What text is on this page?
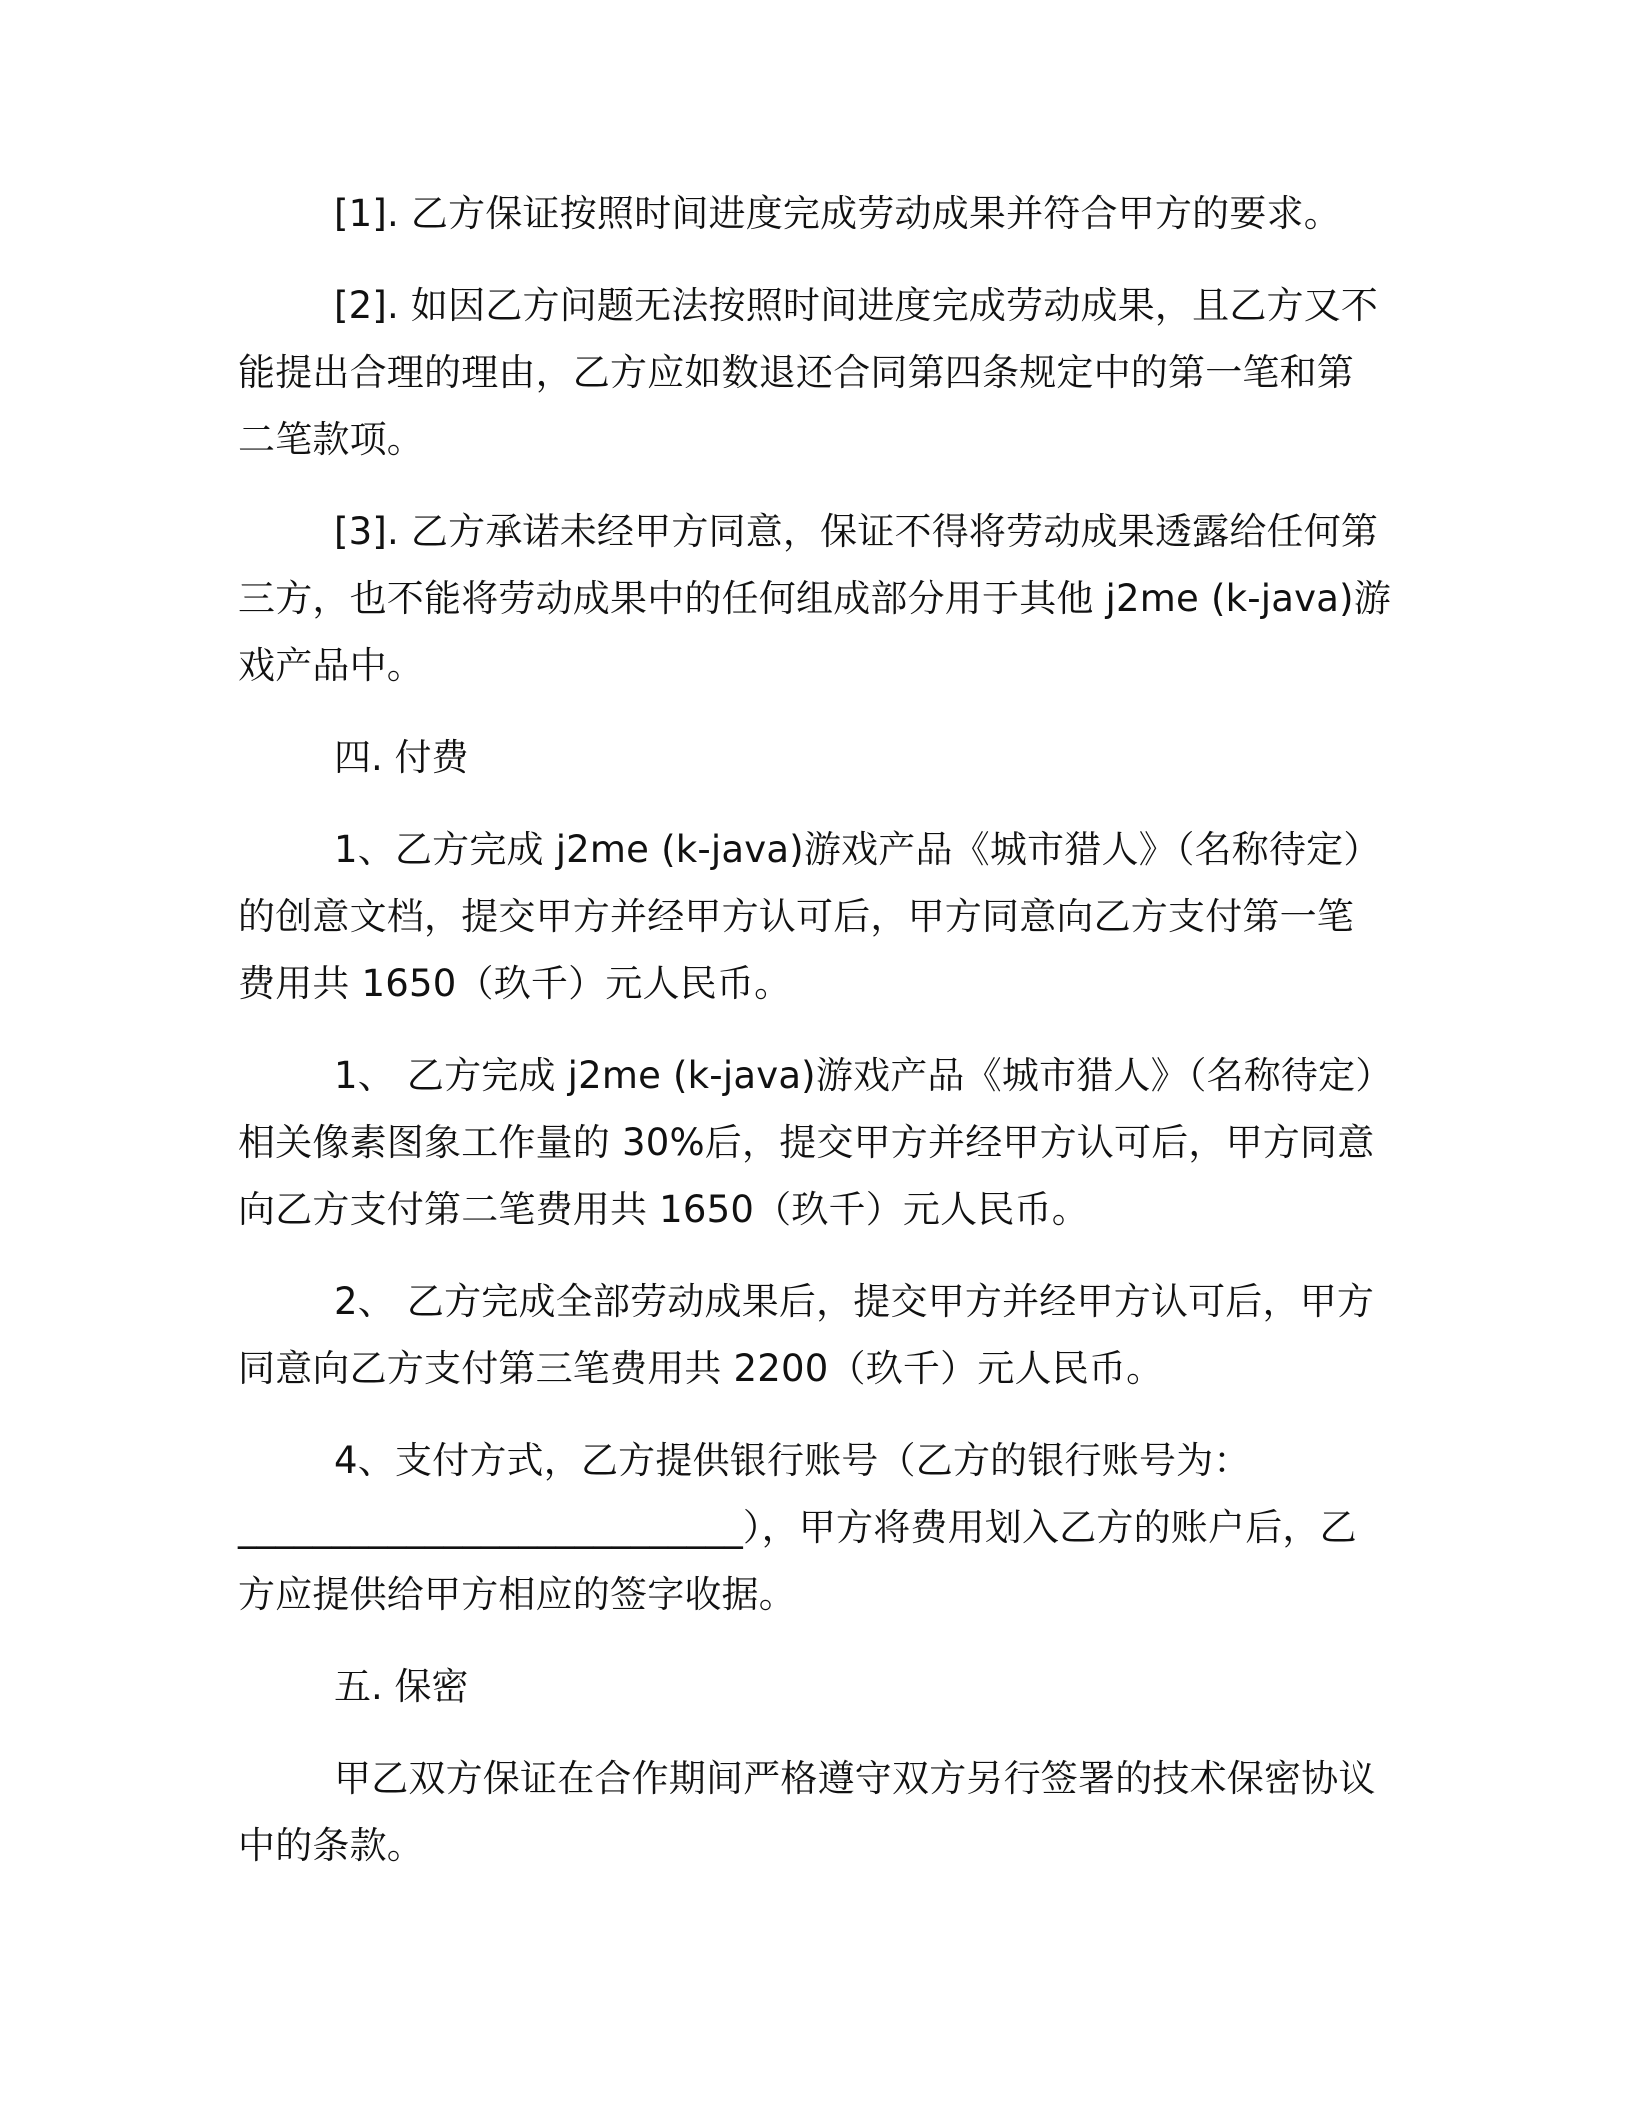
[1]. 乙方保证按照时间进度完成劳动成果并符合甲方的要求。

[2]. 如因乙方问题无法按照时间进度完成劳动成果，且乙方又不
能提出合理的理由，乙方应如数退还合同第四条规定中的第一笔和第
二笔款项。

[3]. 乙方承诺未经甲方同意，保证不得将劳动成果透露给任何第
三方，也不能将劳动成果中的任何组成部分用于其他 j2me (k-java)游
戏产品中。

四. 付费

1、乙方完成 j2me (k-java)游戏产品《城市猎人》（名称待定）
的创意文档，提交甲方并经甲方认可后，甲方同意向乙方支付第一笔
费用共 1650（玖千）元人民币。

1、 乙方完成 j2me (k-java)游戏产品《城市猎人》（名称待定）
相关像素图象工作量的 30%后，提交甲方并经甲方认可后，甲方同意
向乙方支付第二笔费用共 1650（玖千）元人民币。

2、 乙方完成全部劳动成果后，提交甲方并经甲方认可后，甲方
同意向乙方支付第三笔费用共 2200（玖千）元人民币。

4、支付方式，乙方提供银行账号（乙方的银行账号为：
___________________________），甲方将费用划入乙方的账户后，乙
方应提供给甲方相应的签字收据。

五. 保密

甲乙双方保证在合作期间严格遵守双方另行签署的技术保密协议
中的条款。
